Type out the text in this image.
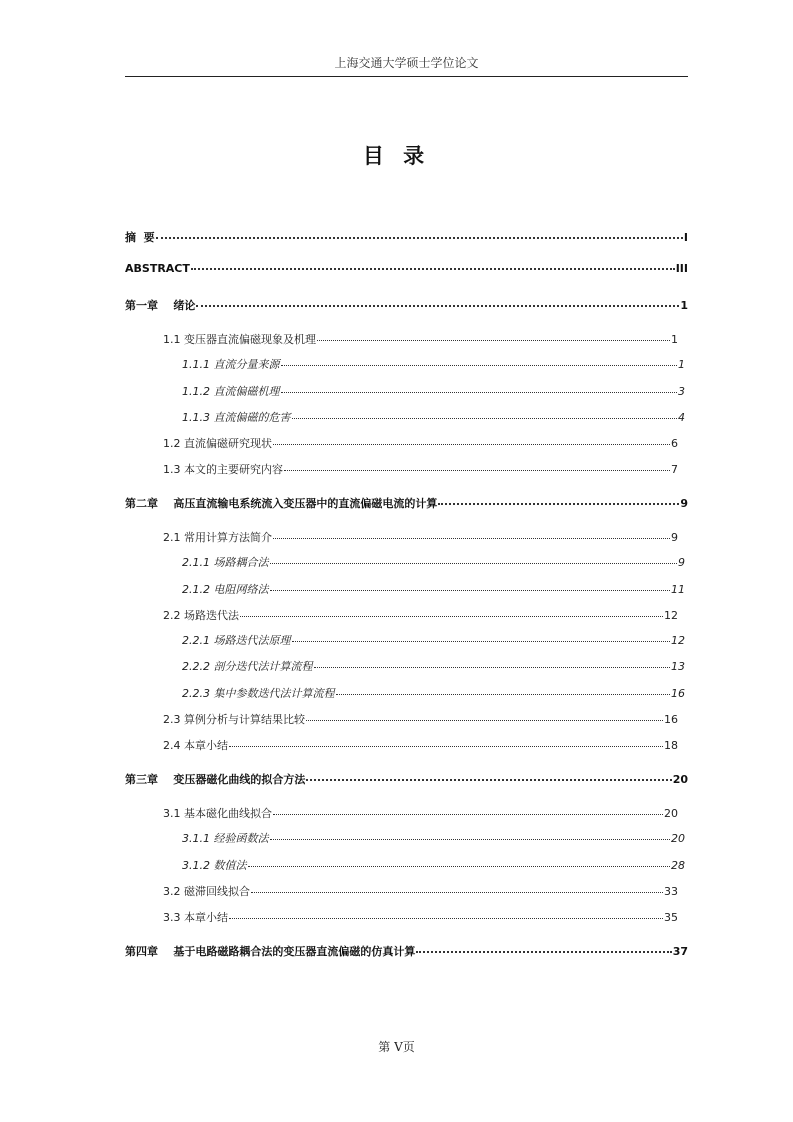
上海交通大学硕士学位论文
目 录
摘  要	I
ABSTRACT	III
第一章    绪论	1
1.1 变压器直流偏磁现象及机理	1
1.1.1 直流分量来源	1
1.1.2 直流偏磁机理	3
1.1.3 直流偏磁的危害	4
1.2 直流偏磁研究现状	6
1.3 本文的主要研究内容	7
第二章    高压直流输电系统流入变压器中的直流偏磁电流的计算	9
2.1 常用计算方法简介	9
2.1.1 场路耦合法	9
2.1.2 电阻网络法	11
2.2 场路迭代法	12
2.2.1 场路迭代法原理	12
2.2.2 剖分迭代法计算流程	13
2.2.3 集中参数迭代法计算流程	16
2.3 算例分析与计算结果比较	16
2.4 本章小结	18
第三章    变压器磁化曲线的拟合方法	20
3.1 基本磁化曲线拟合	20
3.1.1 经验函数法	20
3.1.2 数值法	28
3.2 磁滞回线拟合	33
3.3 本章小结	35
第四章    基于电路磁路耦合法的变压器直流偏磁的仿真计算	37
第 V页
